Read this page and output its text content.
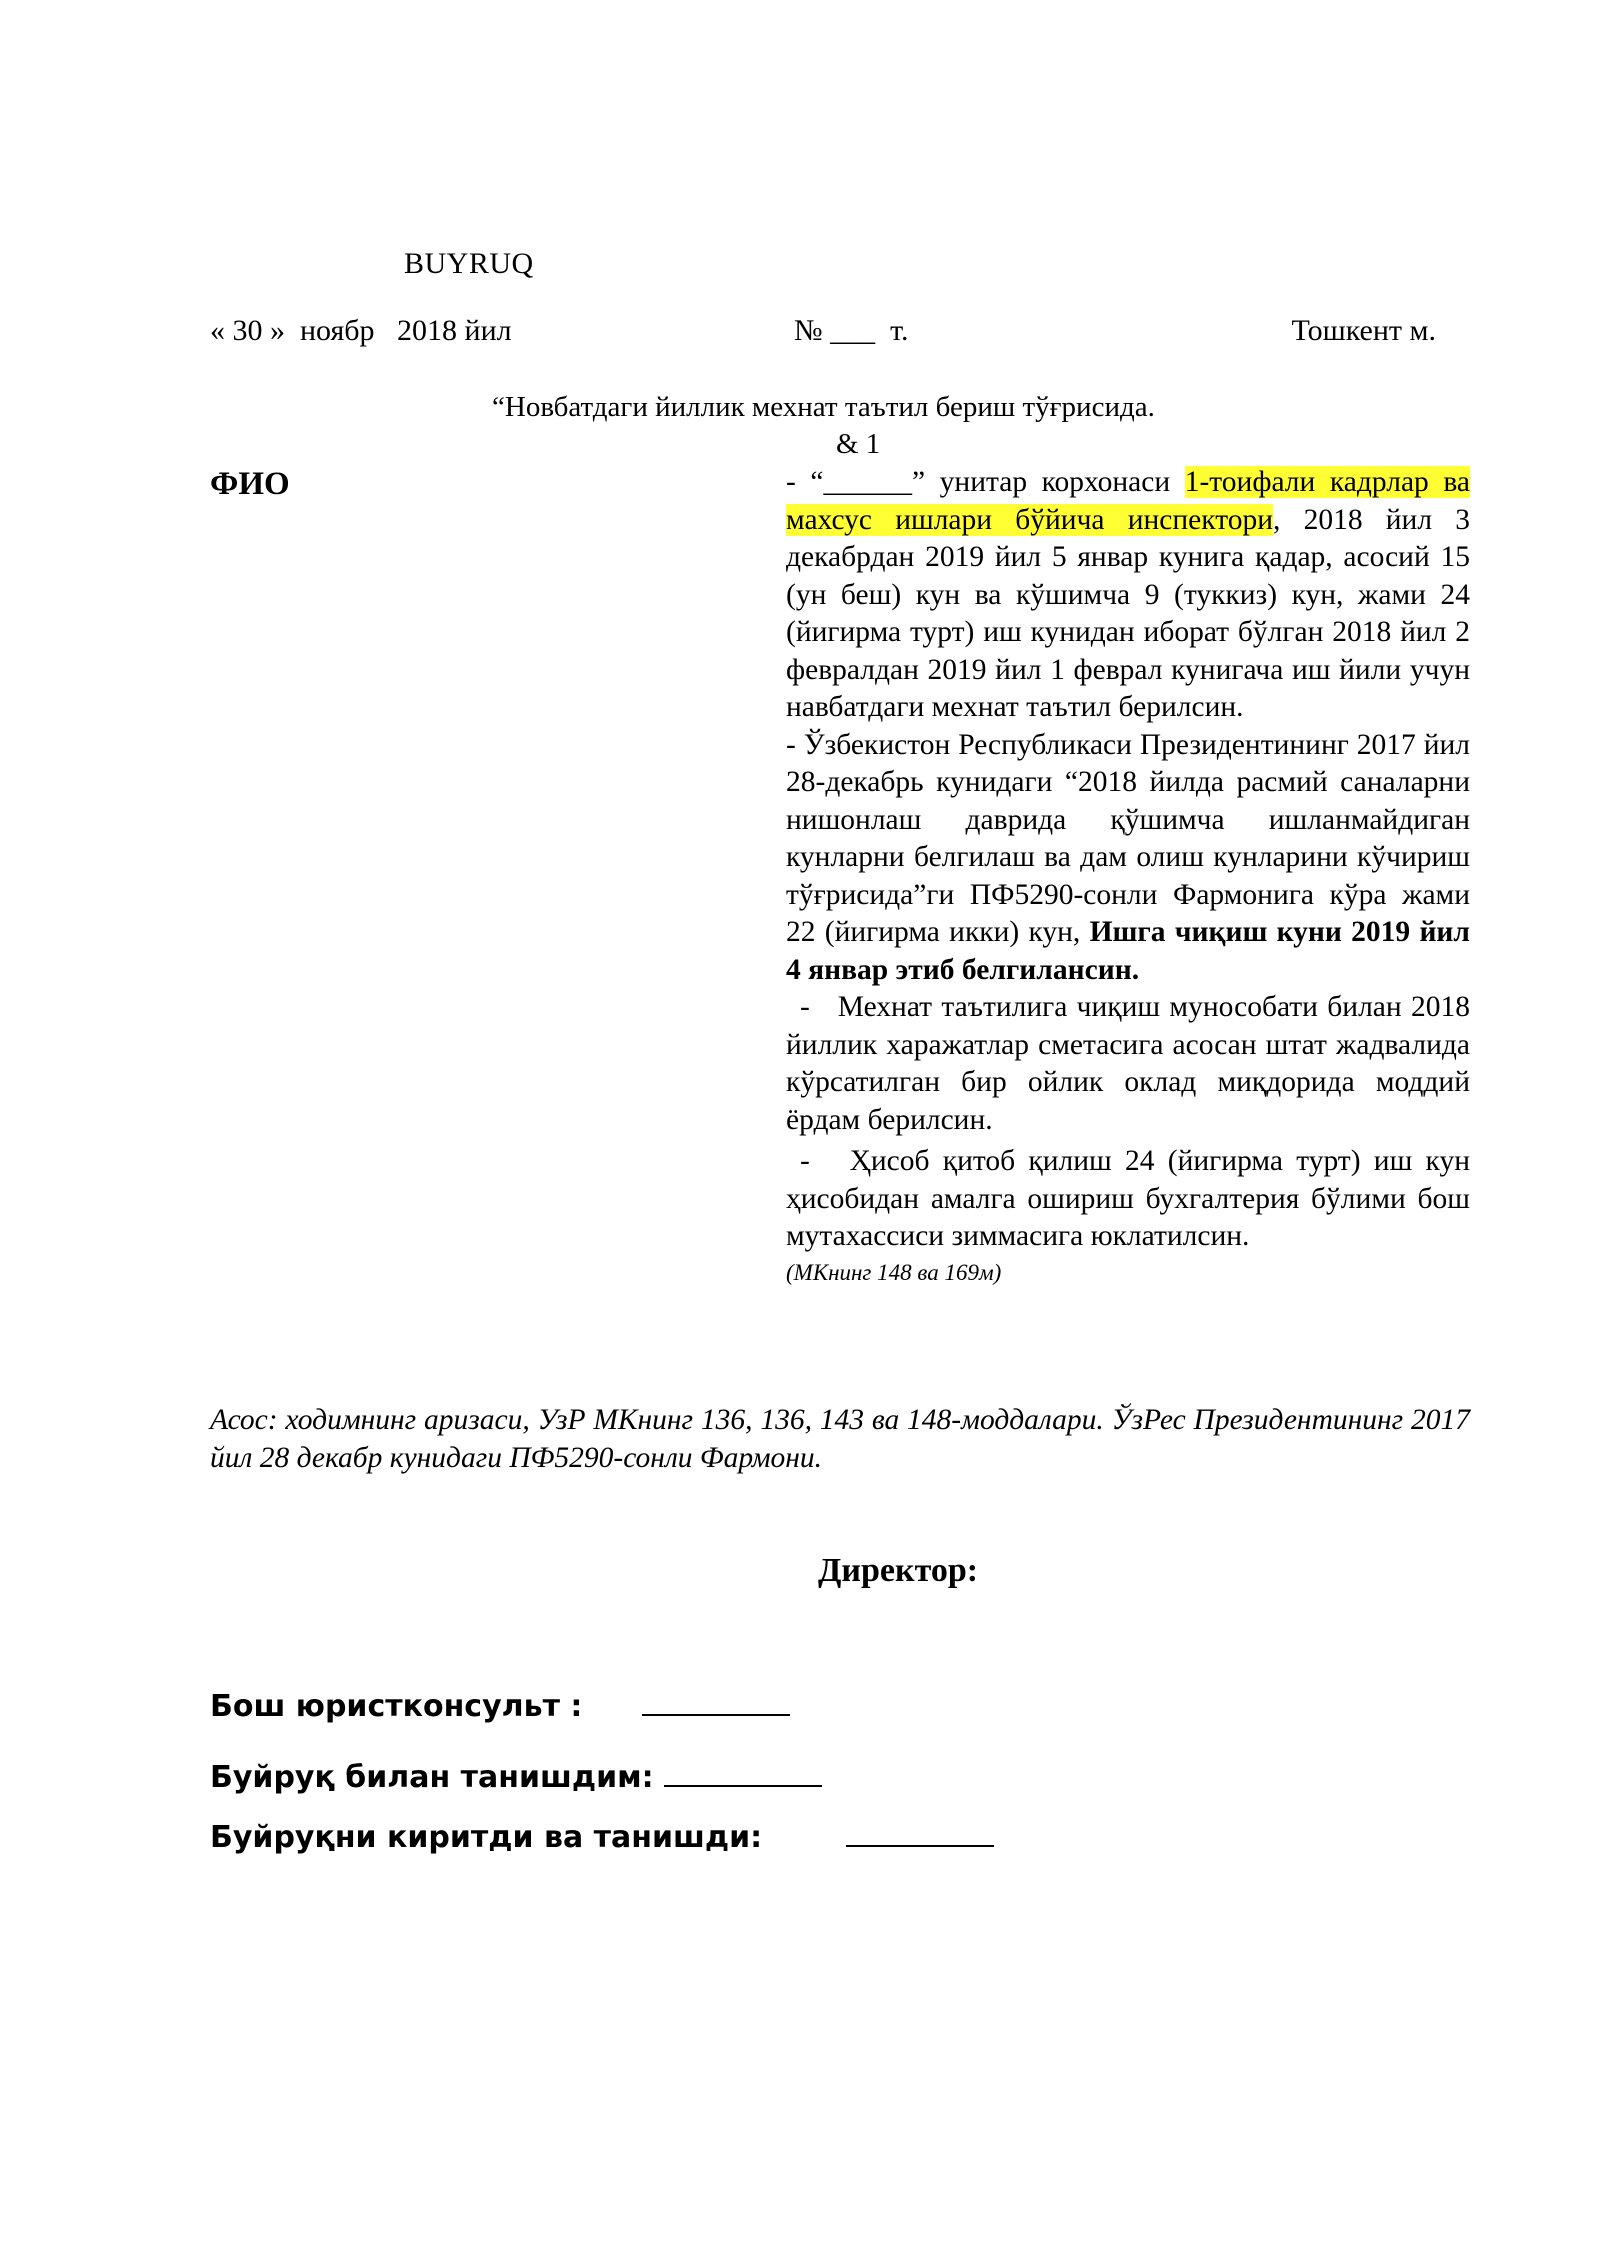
BUYRUQ
« 30 »  ноябр   2018 йил	№ ___  т.	Тошкент м.
“Новбатдаги йиллик мехнат таътил бериш тўғрисида.
& 1
ФИО	- “______” унитар корхонаси 1-тоифали кадрлар ва махсус ишлари бўйича инспектори, 2018 йил 3 декабрдан 2019 йил 5 январ кунига қадар, асосий 15 (ун беш) кун ва кўшимча 9 (туккиз) кун, жами 24 (йигирма турт) иш кунидан иборат бўлган 2018 йил 2 февралдан 2019 йил 1 феврал кунигача иш йили учун навбатдаги мехнат таътил берилсин.

- Ўзбекистон Республикаси Президентининг 2017 йил 28-декабрь кунидаги “2018 йилда расмий саналарни нишонлаш даврида қўшимча ишланмайдиган кунларни белгилаш ва дам олиш кунларини кўчириш тўғрисида”ги ПФ5290-сонли Фармонига кўра жами 22 (йигирма икки) кун, Ишга чиқиш куни 2019 йил 4 январ этиб белгилансин.

-   Мехнат таътилига чиқиш мунособати билан 2018 йиллик харажатлар сметасига асосан штат жадвалида кўрсатилган бир ойлик оклад миқдорида моддий ёрдам берилсин.

-   Ҳисоб қитоб қилиш 24 (йигирма турт) иш кун ҳисобидан амалга ошириш бухгалтерия бўлими бош мутахассиси зиммасига юклатилсин.

(МКнинг 148 ва 169м)
Асос: ходимнинг аризаси, УзР МКнинг 136, 136, 143 ва 148-моддалари. ЎзРес Президентининг 2017 йил 28 декабр кунидаги ПФ5290-сонли Фармони.
Директор:
Бош юристконсульт :
Буйруқ билан танишдим:
Буйруқни киритди ва танишди:
